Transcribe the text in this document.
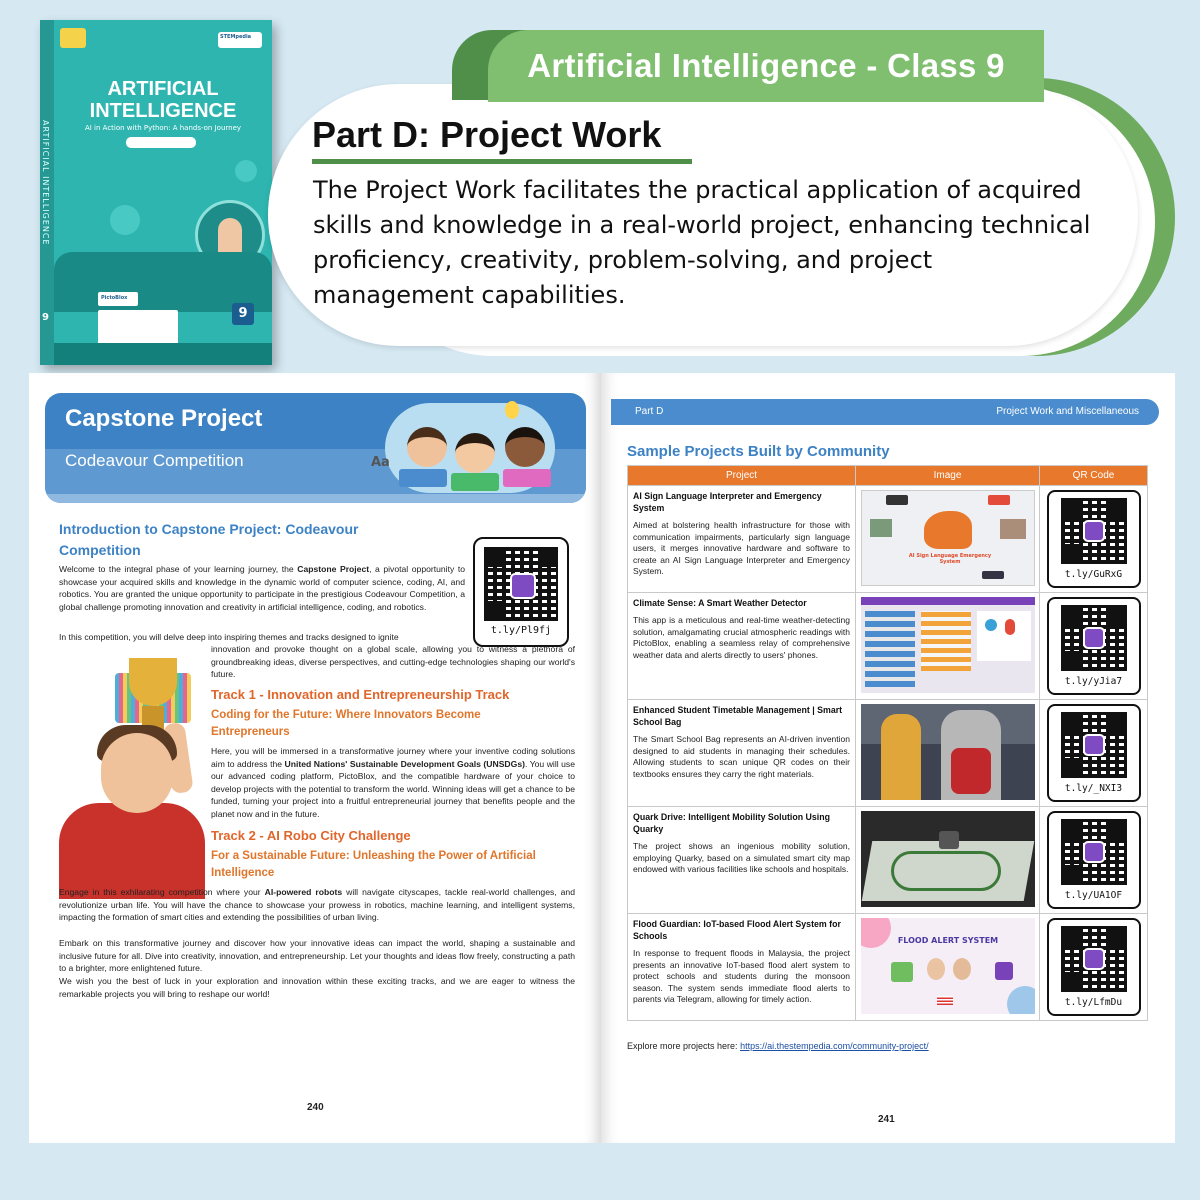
ARTIFICIAL INTELLIGENCE
9
STEMpedia
ARTIFICIAL INTELLIGENCE
AI in Action with Python: A hands-on Journey
PictoBlox
9
Artificial Intelligence - Class 9
Part D: Project Work
The Project Work facilitates the practical application of acquired skills and knowledge in a real-world project, enhancing technical proficiency, creativity, problem-solving, and project management capabilities.
Capstone Project
Codeavour Competition	Aa
Introduction to Capstone Project: Codeavour Competition
t.ly/Pl9fj
Welcome to the integral phase of your learning journey, the Capstone Project, a pivotal opportunity to showcase your acquired skills and knowledge in the dynamic world of computer science, coding, AI, and robotics. You are granted the unique opportunity to participate in the prestigious Codeavour Competition, a global challenge promoting innovation and creativity in artificial intelligence, coding, and robotics.
In this competition, you will delve deep into inspiring themes and tracks designed to ignite
innovation and provoke thought on a global scale, allowing you to witness a plethora of groundbreaking ideas, diverse perspectives, and cutting-edge technologies shaping our world's future.
Track 1 - Innovation and Entrepreneurship Track
Coding for the Future: Where Innovators Become Entrepreneurs
Here, you will be immersed in a transformative journey where your inventive coding solutions aim to address the United Nations' Sustainable Development Goals (UNSDGs). You will use our advanced coding platform, PictoBlox, and the compatible hardware of your choice to develop projects with the potential to transform the world. Winning ideas will get a chance to be funded, turning your project into a fruitful entrepreneurial journey that benefits people and the planet now and in the future.
Track 2 - AI Robo City Challenge
For a Sustainable Future: Unleashing the Power of Artificial Intelligence
Engage in this exhilarating competition where your AI-powered robots will navigate cityscapes, tackle real-world challenges, and revolutionize urban life. You will have the chance to showcase your prowess in robotics, machine learning, and intelligent systems, impacting the formation of smart cities and extending the possibilities of urban living.
Embark on this transformative journey and discover how your innovative ideas can impact the world, shaping a sustainable and inclusive future for all. Dive into creativity, innovation, and entrepreneurship. Let your thoughts and ideas flow freely, constructing a path to a brighter, more enlightened future.
We wish you the best of luck in your exploration and innovation within these exciting tracks, and we are eager to witness the remarkable projects you will bring to reshape our world!
240
Part D	Project Work and Miscellaneous
Sample Projects Built by Community
Project	Image	QR Code

AI Sign Language Interpreter and Emergency System
Aimed at bolstering health infrastructure for those with communication impairments, particularly sign language users, it merges innovative hardware and software to create an AI Sign Language Interpreter and Emergency System.	AI Sign Language Emergency System	t.ly/GuRxG

Climate Sense: A Smart Weather Detector
This app is a meticulous and real-time weather-detecting solution, amalgamating crucial atmospheric readings with PictoBlox, enabling a seamless relay of comprehensive weather data and alerts directly to users' phones.		t.ly/yJia7

Enhanced Student Timetable Management | Smart School Bag
The Smart School Bag represents an AI-driven invention designed to aid students in managing their schedules. Allowing students to scan unique QR codes on their textbooks ensures they carry the right materials.		t.ly/_NXI3

Quark Drive: Intelligent Mobility Solution Using Quarky
The project shows an ingenious mobility solution, employing Quarky, based on a simulated smart city map endowed with various facilities like schools and hospitals.		t.ly/UA1OF

Flood Guardian: IoT-based Flood Alert System for Schools
In response to frequent floods in Malaysia, the project presents an innovative IoT-based flood alert system to protect schools and students during the monsoon season. The system sends immediate flood alerts to parents via Telegram, allowing for timely action.	FLOOD ALERT SYSTEM	t.ly/LfmDu
Explore more projects here: https://ai.thestempedia.com/community-project/
241
